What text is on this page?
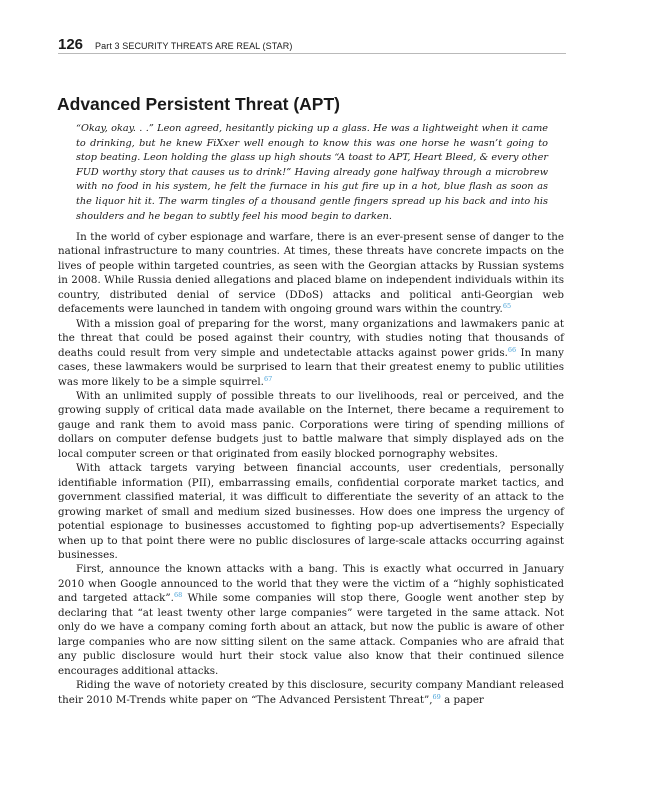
126 Part 3 SECURITY THREATS ARE REAL (STAR)
Advanced Persistent Threat (APT)

“Okay, okay. . .” Leon agreed, hesitantly picking up a glass. He was a lightweight when it came to drinking, but he knew FiXxer well enough to know this was one horse he wasn’t going to stop beating. Leon holding the glass up high shouts “A toast to APT, Heart Bleed, & every other FUD worthy story that causes us to drink!” Having already gone halfway through a microbrew with no food in his system, he felt the furnace in his gut fire up in a hot, blue flash as soon as the liquor hit it. The warm tingles of a thousand gentle fingers spread up his back and into his shoulders and he began to subtly feel his mood begin to darken.

In the world of cyber espionage and warfare, there is an ever-present sense of danger to the national infrastructure to many countries. At times, these threats have concrete impacts on the lives of people within targeted countries, as seen with the Georgian attacks by Russian systems in 2008. While Russia denied allegations and placed blame on independent individuals within its country, distributed denial of service (DDoS) attacks and political anti-Georgian web defacements were launched in tandem with ongoing ground wars within the country.$^{65}$

With a mission goal of preparing for the worst, many organizations and lawmakers panic at the threat that could be posed against their country, with studies noting that thousands of deaths could result from very simple and undetectable attacks against power grids.$^{66}$ In many cases, these lawmakers would be surprised to learn that their greatest enemy to public utilities was more likely to be a simple squirrel.$^{67}$

With an unlimited supply of possible threats to our livelihoods, real or perceived, and the growing supply of critical data made available on the Internet, there became a requirement to gauge and rank them to avoid mass panic. Corporations were tiring of spending millions of dollars on computer defense budgets just to battle malware that simply displayed ads on the local computer screen or that originated from easily blocked pornography websites.

With attack targets varying between financial accounts, user credentials, personally identifiable information (PII), embarrassing emails, confidential corporate market tactics, and government classified material, it was difficult to differentiate the severity of an attack to the growing market of small and medium sized businesses. How does one impress the urgency of potential espionage to businesses accustomed to fighting pop-up advertisements? Especially when up to that point there were no public disclosures of large-scale attacks occurring against businesses.

First, announce the known attacks with a bang. This is exactly what occurred in January 2010 when Google announced to the world that they were the victim of a “highly sophisticated and targeted attack”.$^{68}$ While some companies will stop there, Google went another step by declaring that “at least twenty other large companies” were targeted in the same attack. Not only do we have a company coming forth about an attack, but now the public is aware of other large companies who are now sitting silent on the same attack. Companies who are afraid that any public disclosure would hurt their stock value also know that their continued silence encourages additional attacks.

Riding the wave of notoriety created by this disclosure, security company Mandiant released their 2010 M-Trends white paper on “The Advanced Persistent Threat”,$^{69}$ a paper
